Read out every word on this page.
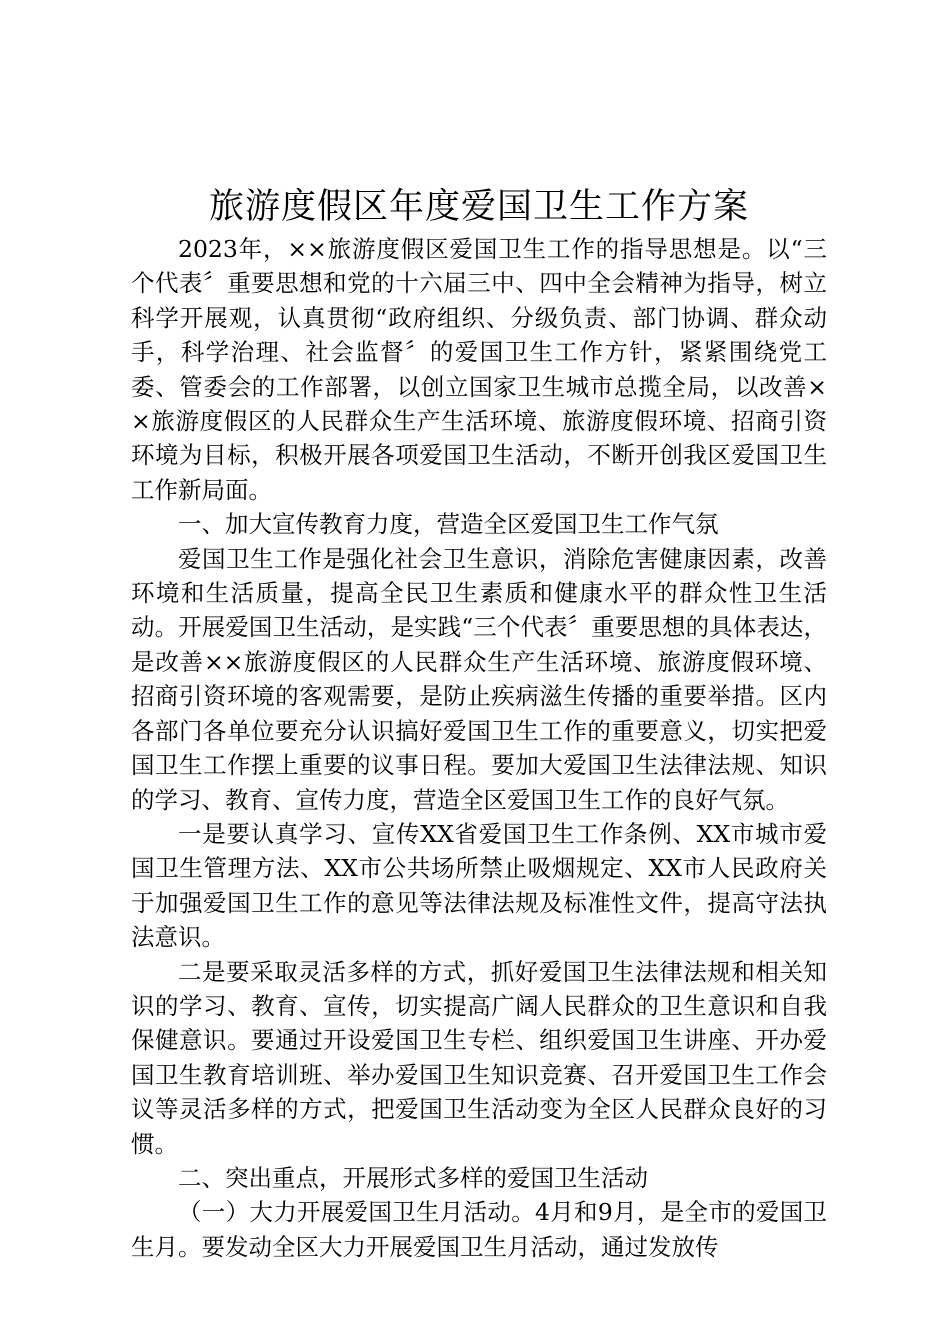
旅游度假区年度爱国卫生工作方案

2023年，××旅游度假区爱国卫生工作的指导思想是。以“三个代表〞重要思想和党的十六届三中、四中全会精神为指导，树立科学开展观，认真贯彻“政府组织、分级负责、部门协调、群众动手，科学治理、社会监督〞的爱国卫生工作方针，紧紧围绕党工委、管委会的工作部署，以创立国家卫生城市总揽全局，以改善××旅游度假区的人民群众生产生活环境、旅游度假环境、招商引资环境为目标，积极开展各项爱国卫生活动，不断开创我区爱国卫生工作新局面。

一、加大宣传教育力度，营造全区爱国卫生工作气氛

爱国卫生工作是强化社会卫生意识，消除危害健康因素，改善环境和生活质量，提高全民卫生素质和健康水平的群众性卫生活动。开展爱国卫生活动，是实践“三个代表〞重要思想的具体表达，是改善××旅游度假区的人民群众生产生活环境、旅游度假环境、招商引资环境的客观需要，是防止疾病滋生传播的重要举措。区内各部门各单位要充分认识搞好爱国卫生工作的重要意义，切实把爱国卫生工作摆上重要的议事日程。要加大爱国卫生法律法规、知识的学习、教育、宣传力度，营造全区爱国卫生工作的良好气氛。

一是要认真学习、宣传XX省爱国卫生工作条例、XX市城市爱国卫生管理方法、XX市公共场所禁止吸烟规定、XX市人民政府关于加强爱国卫生工作的意见等法律法规及标准性文件，提高守法执法意识。

二是要采取灵活多样的方式，抓好爱国卫生法律法规和相关知识的学习、教育、宣传，切实提高广阔人民群众的卫生意识和自我保健意识。要通过开设爱国卫生专栏、组织爱国卫生讲座、开办爱国卫生教育培训班、举办爱国卫生知识竞赛、召开爱国卫生工作会议等灵活多样的方式，把爱国卫生活动变为全区人民群众良好的习惯。

二、突出重点，开展形式多样的爱国卫生活动

（一）大力开展爱国卫生月活动。4月和9月，是全市的爱国卫生月。要发动全区大力开展爱国卫生月活动，通过发放传
